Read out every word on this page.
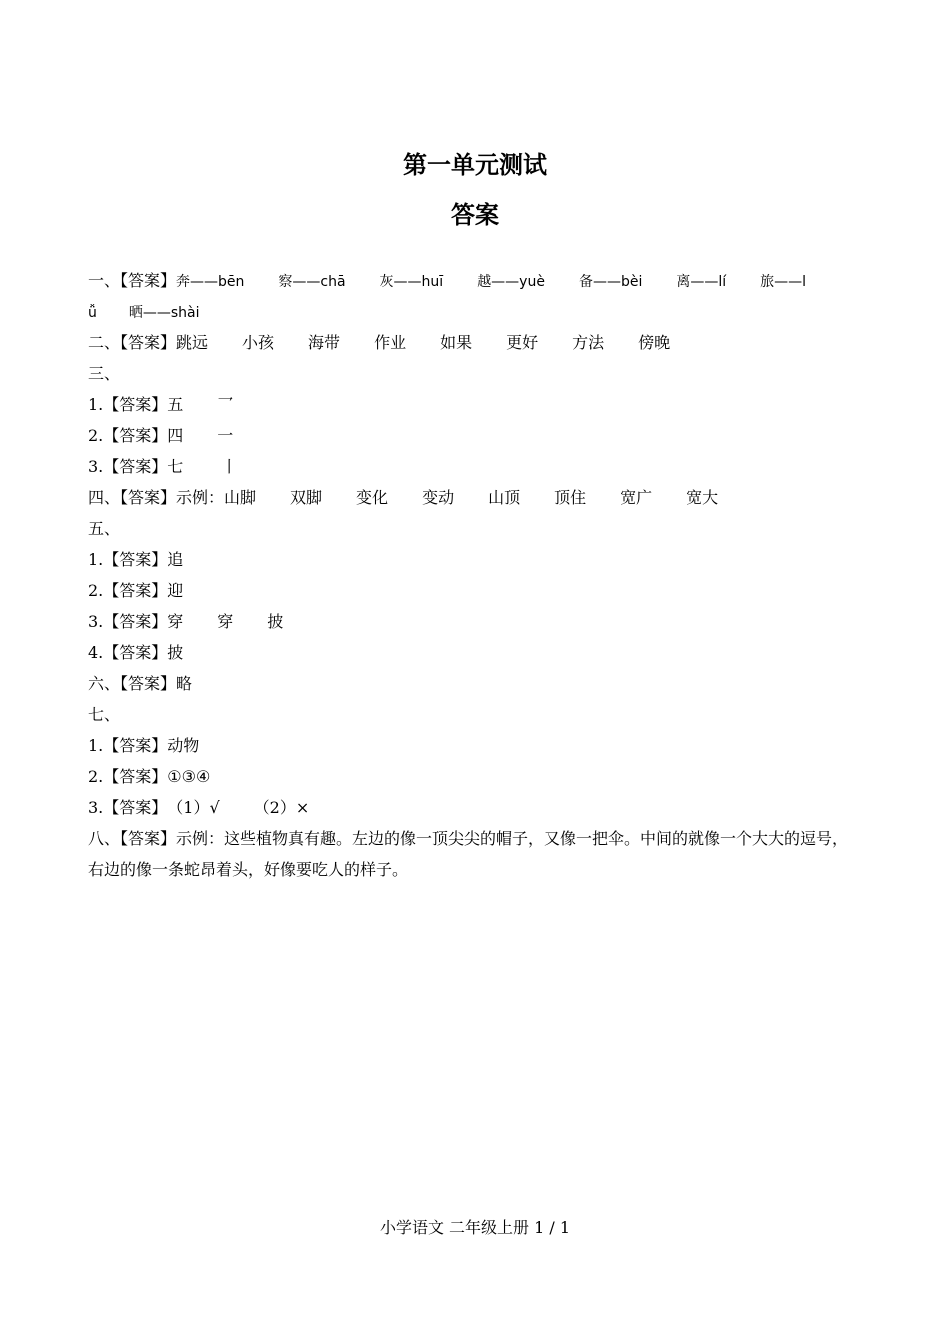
第一单元测试
答案
一、【答案】奔——bēn 察——chā 灰——huī 越——yuè 备——bèi 离——lí 旅——l
ǚ 晒——shài
二、【答案】跳远 小孩 海带 作业 如果 更好 方法 傍晚
三、
1.【答案】五 乛
2.【答案】四 一
3.【答案】七 丨
四、【答案】示例：山脚 双脚 变化 变动 山顶 顶住 宽广 宽大
五、
1.【答案】追
2.【答案】迎
3.【答案】穿 穿 披
4.【答案】披
六、【答案】略
七、
1.【答案】动物
2.【答案】①③④
3.【答案】（1）√ （2）×
八、【答案】示例：这些植物真有趣。左边的像一顶尖尖的帽子，又像一把伞。中间的就像一个大大的逗号，
右边的像一条蛇昂着头，好像要吃人的样子。
小学语文 二年级上册 1 / 1
